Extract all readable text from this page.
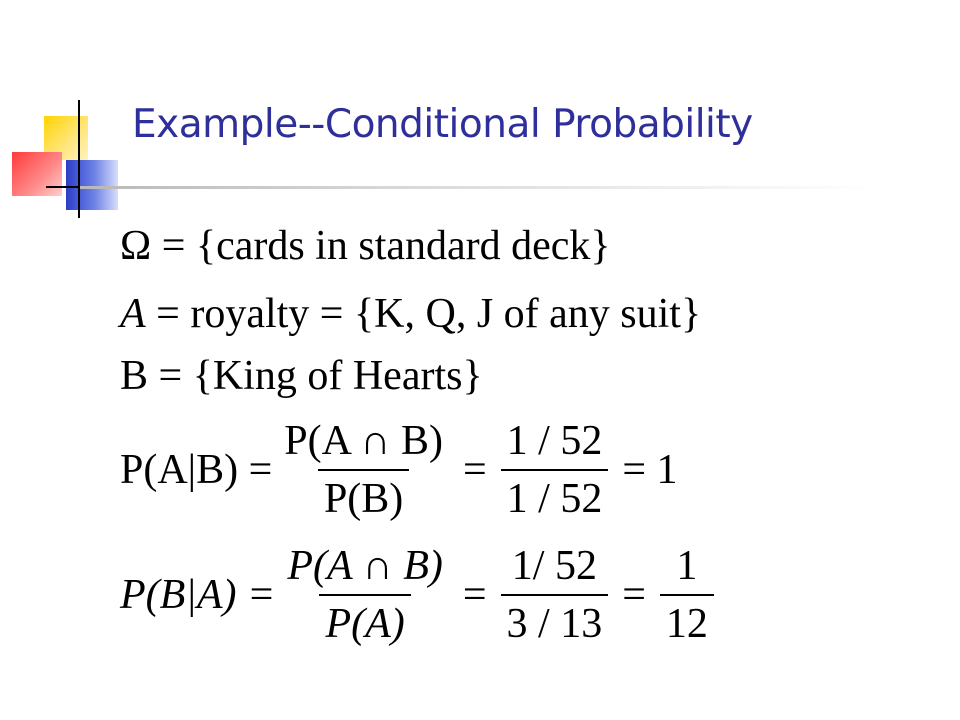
Example--Conditional Probability
Ω = {cards in standard deck}
A = royalty = {K, Q, J of any suit}
B = {King of Hearts}
$P(A|B) = \frac{P(A \cap B)}{P(B)} = \frac{1 / 52}{1 / 52} = 1$
$P(B|A) = \frac{P(A \cap B)}{P(A)} = \frac{1/ 52}{3 / 13} = \frac{1}{12}$
